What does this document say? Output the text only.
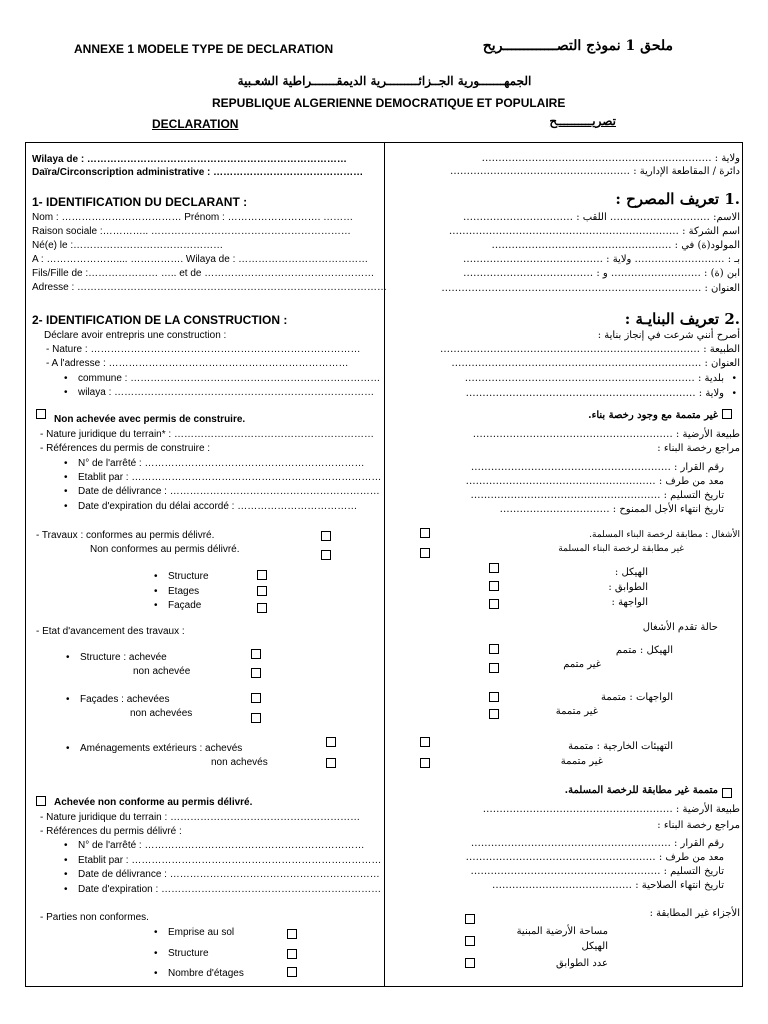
ANNEXE 1 MODELE TYPE DE DECLARATION	ملحق 1 نموذج التصـــــــــــــريح
الجمهـــــــورية الجــزائـــــــــرية الديمقـــــــراطية الشعـبية
REPUBLIQUE ALGERIENNE DEMOCRATIQUE ET POPULAIRE
DECLARATION	تصريــــــــــح
Wilaya de : ……………………………………………………………………
Daïra/Circonscription administrative : ………………………………………
1- IDENTIFICATION DU DECLARANT :
Nom : ……………………………… Prénom : ………………………. ………
Raison sociale :………….. ……………………………………………………
Né(e) le :………………………………………
A : ………………….... ……………. Wilaya de : …………………………………
Fils/Fille de :………………… ….. et de ……………………………………………
Adresse : …………………………………………………………………………………
2- IDENTIFICATION DE LA CONSTRUCTION :
Déclare avoir entrepris une construction :
- Nature : ………………………………………………………………………
- A l'adresse : ………………………………………………………………
• commune : …………………………………………………………………
• wilaya : ……………………………………………………………………
Non achevée avec permis de construire.
- Nature juridique du terrain* : ……………………………………………………
- Références du permis de construire :
• N° de l'arrêté : …………………………………………………………
• Etablit par : …………………………………………………………………
• Date de délivrance : ………………………………………………………
• Date d'expiration du délai accordé : ………………………………
- Travaux : conformes au permis délivré.
Non conformes au permis délivré.
• Structure
• Etages
• Façade
- Etat d'avancement des travaux :
• Structure : achevée
non achevée
• Façades : achevées
non achevées
• Aménagements extérieurs : achevés
non achevés
Achevée non conforme au permis délivré.
- Nature juridique du terrain : …………………………………………………
- Références du permis délivré :
• N° de l'arrêté : …………………………………………………………
• Etablit par : …………………………………………………………………
• Date de délivrance : ………………………………………………………
• Date d'expiration : …………………………………………………………
- Parties non conformes.
• Emprise au sol
• Structure
• Nombre d'étages
ولاية : ……………………………………………………………
دائرة / المقاطعة الإدارية : ………………………………………………
.1 تعريف المصرح :
الاسم: ………………………… اللقب : ……………………………
اسم الشركة : ……………………………………………………………
المولود(ة) في : ………………………………………………
بـ : ……………………… ولاية : ……………………………………
ابن (ة) : ……………………… و : …………………………………
العنوان : ……………………………………………………………………
.2 تعريف البنايـة :
أصرح أنني شرعت في إنجاز بناية :
الطبيعة : ……………………………………………………………………
العنوان : …………………………………………………………………
بلدية : …………………………………………………………… •
ولاية : …………………………………………………………… •
غير متممة مع وجود رخصة بناء.
طبيعة الأرضية : ……………………………………………………
مراجع رخصة البناء :
رقم القرار : ……………………………………………………
معد من طرف : …………………………………………………
تاريخ التسليم : …………………………………………………
تاريخ انتهاء الأجل الممنوح : ……………………………
الأشغال : مطابقة لرخصة البناء المسلمة.
غير مطابقة لرخصة البناء المسلمة
الهيكل :
الطوابق :
الواجهة :
حالة تقدم الأشغال
الهيكل : متمم
غير متمم
الواجهات : متممة
غير متممة
التهيئات الخارجية : متممة
غير متممة
متممة غير مطابقة للرخصة المسلمة.
طبيعة الأرضية : …………………………………………………
مراجع رخصة البناء :
رقم القرار : ……………………………………………………
معد من طرف : …………………………………………………
تاريخ التسليم : …………………………………………………
تاريخ انتهاء الصلاحية : ……………………………………
الأجزاء غير المطابقة :
مساحة الأرضية المبنية
الهيكل
عدد الطوابق
